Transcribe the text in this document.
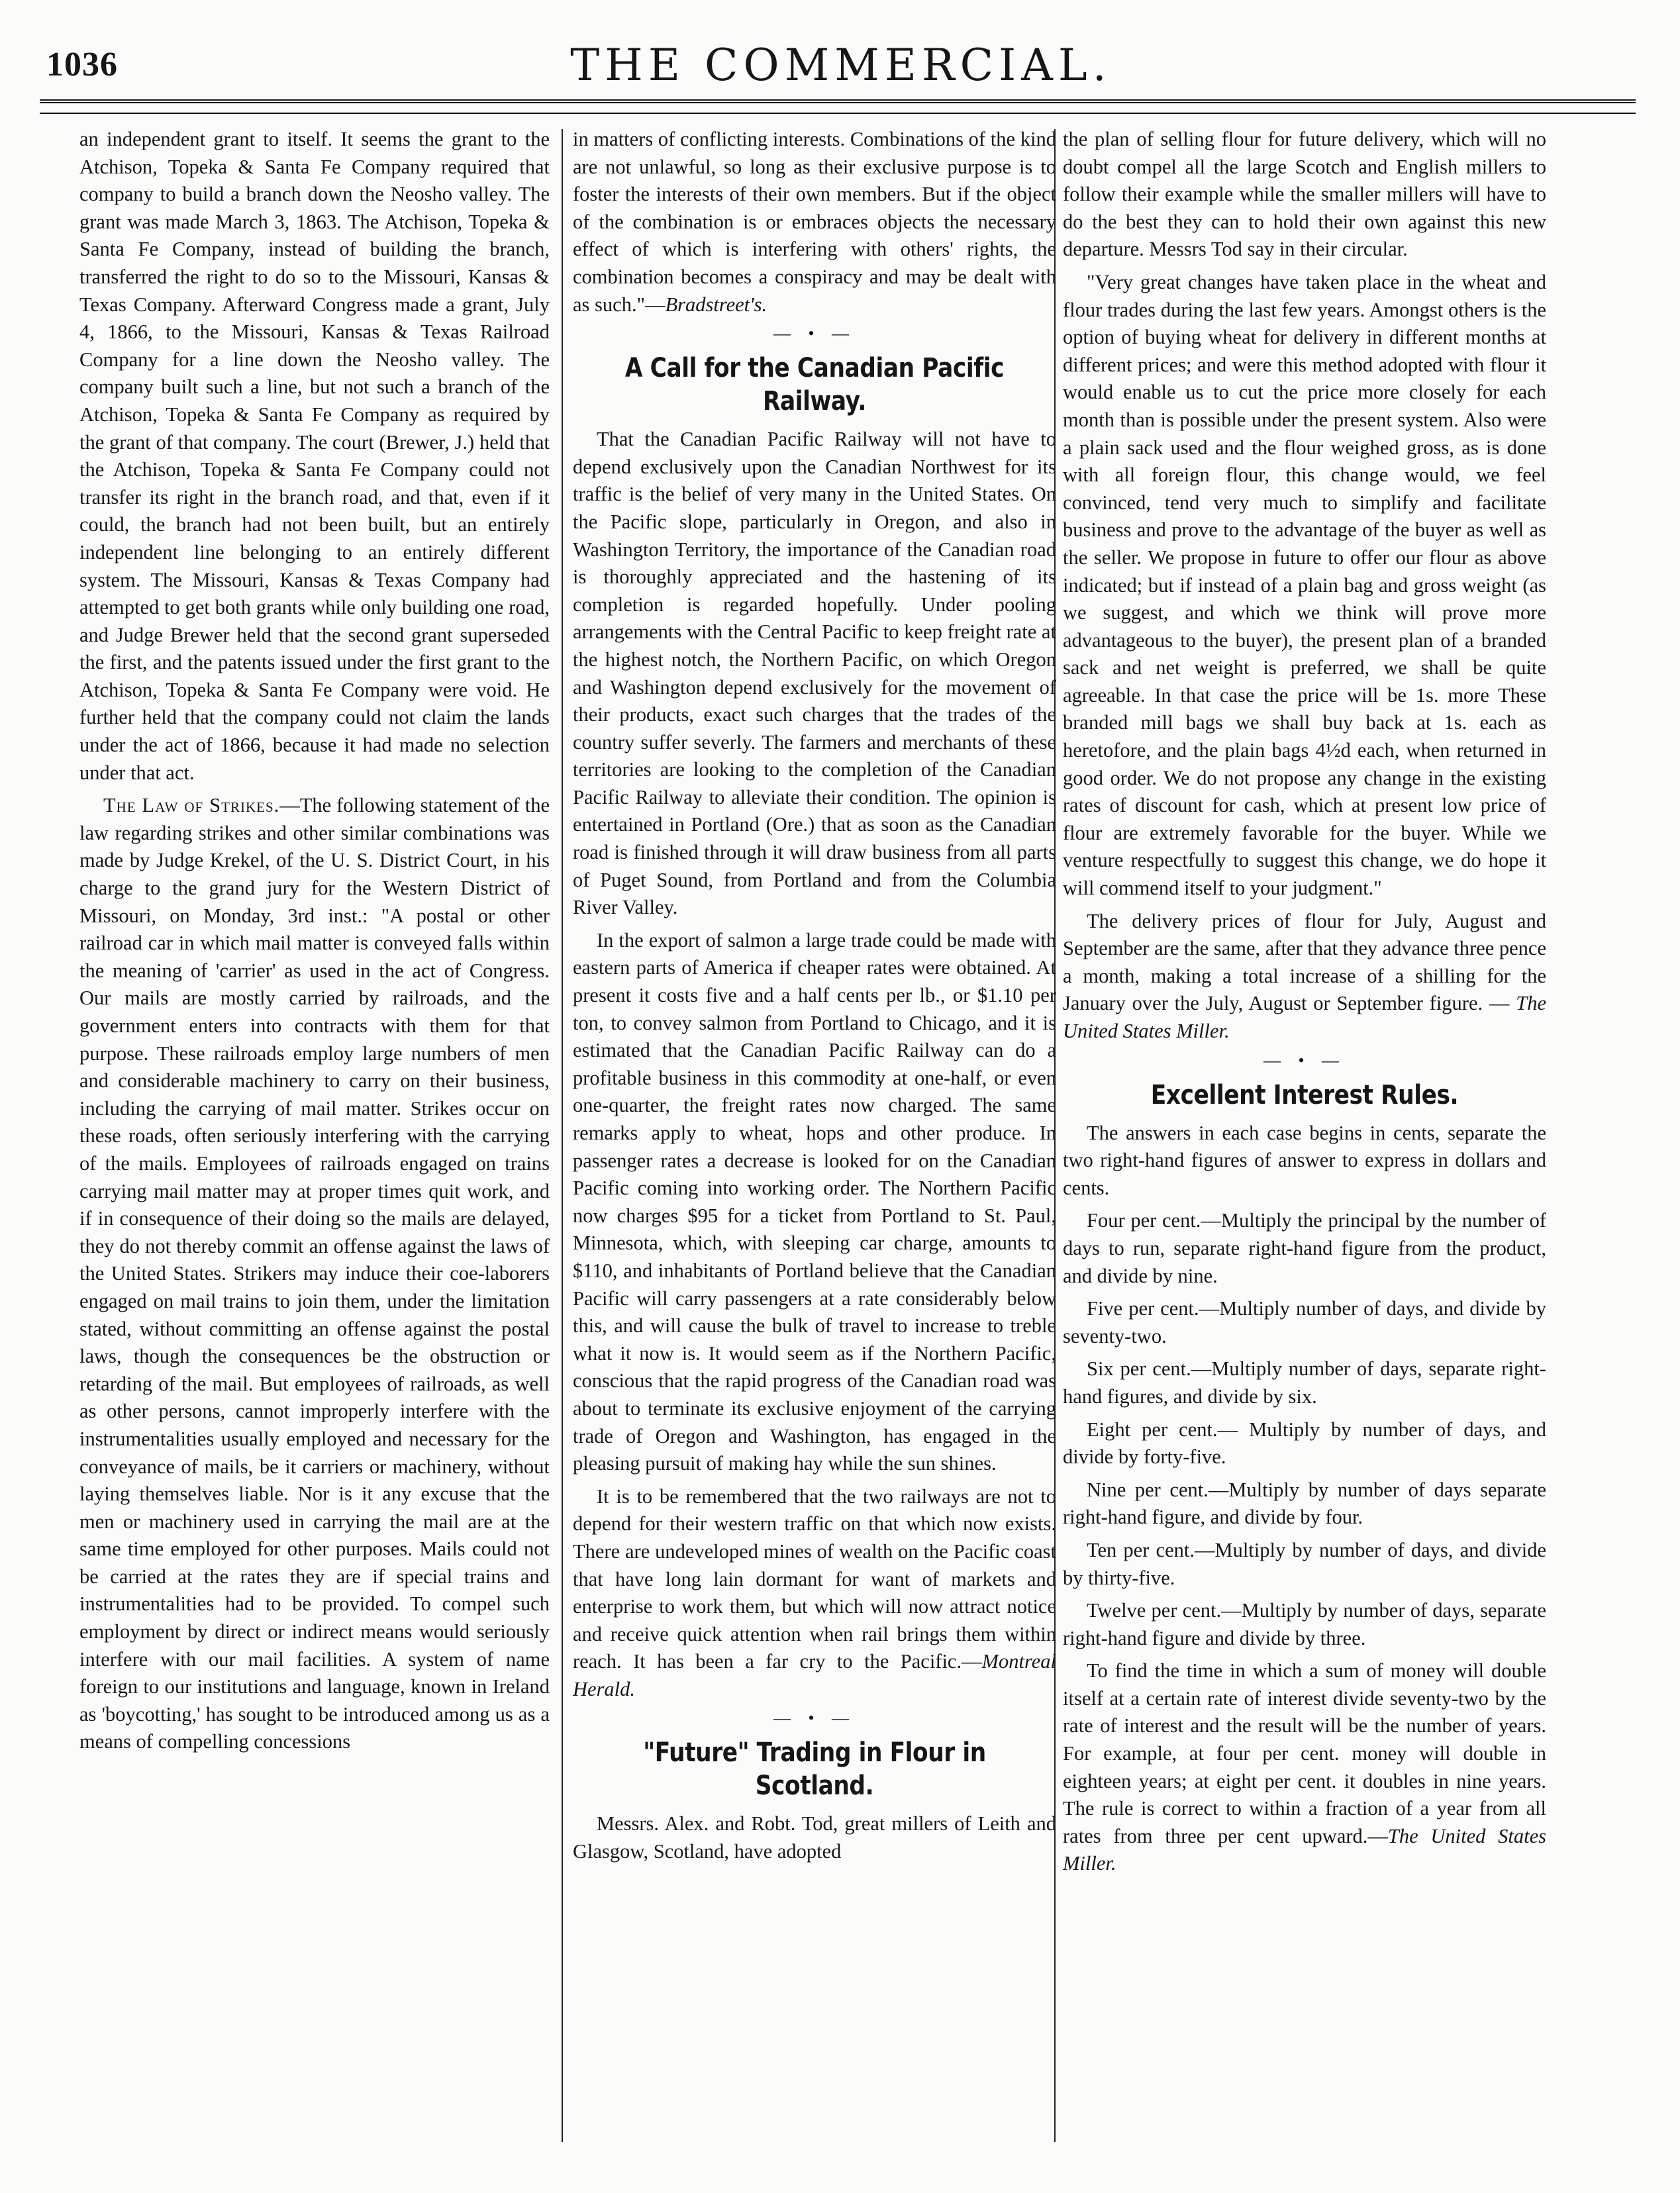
1036	THE COMMERCIAL.

an independent grant to itself. It seems the grant to the Atchison, Topeka & Santa Fe Company required that company to build a branch down the Neosho valley. The grant was made March 3, 1863. The Atchison, Topeka & Santa Fe Company, instead of building the branch, transferred the right to do so to the Missouri, Kansas & Texas Company. Afterward Congress made a grant, July 4, 1866, to the Missouri, Kansas & Texas Railroad Company for a line down the Neosho valley. The company built such a line, but not such a branch of the Atchison, Topeka & Santa Fe Company as required by the grant of that company. The court (Brewer, J.) held that the Atchison, Topeka & Santa Fe Company could not transfer its right in the branch road, and that, even if it could, the branch had not been built, but an entirely independent line belonging to an entirely different system. The Missouri, Kansas & Texas Company had attempted to get both grants while only building one road, and Judge Brewer held that the second grant superseded the first, and the patents issued under the first grant to the Atchison, Topeka & Santa Fe Company were void. He further held that the company could not claim the lands under the act of 1866, because it had made no selection under that act.

The Law of Strikes.—The following statement of the law regarding strikes and other similar combinations was made by Judge Krekel, of the U. S. District Court, in his charge to the grand jury for the Western District of Missouri, on Monday, 3rd inst.: "A postal or other railroad car in which mail matter is conveyed falls within the meaning of 'carrier' as used in the act of Congress. Our mails are mostly carried by railroads, and the government enters into contracts with them for that purpose. These railroads employ large numbers of men and considerable machinery to carry on their business, including the carrying of mail matter. Strikes occur on these roads, often seriously interfering with the carrying of the mails. Employees of railroads engaged on trains carrying mail matter may at proper times quit work, and if in consequence of their doing so the mails are delayed, they do not thereby commit an offense against the laws of the United States. Strikers may induce their coe-laborers engaged on mail trains to join them, under the limitation stated, without committing an offense against the postal laws, though the consequences be the obstruction or retarding of the mail. But employees of railroads, as well as other persons, cannot improperly interfere with the instrumentalities usually employed and necessary for the conveyance of mails, be it carriers or machinery, without laying themselves liable. Nor is it any excuse that the men or machinery used in carrying the mail are at the same time employed for other purposes. Mails could not be carried at the rates they are if special trains and instrumentalities had to be provided. To compel such employment by direct or indirect means would seriously interfere with our mail facilities. A system of name foreign to our institutions and language, known in Ireland as 'boycotting,' has sought to be introduced among us as a means of compelling concessions

in matters of conflicting interests. Combinations of the kind are not unlawful, so long as their exclusive purpose is to foster the interests of their own members. But if the object of the combination is or embraces objects the necessary effect of which is interfering with others' rights, the combination becomes a conspiracy and may be dealt with as such."—Bradstreet's.

— • —
A Call for the Canadian Pacific Railway.

That the Canadian Pacific Railway will not have to depend exclusively upon the Canadian Northwest for its traffic is the belief of very many in the United States. On the Pacific slope, particularly in Oregon, and also in Washington Territory, the importance of the Canadian road is thoroughly appreciated and the hastening of its completion is regarded hopefully. Under pooling arrangements with the Central Pacific to keep freight rate at the highest notch, the Northern Pacific, on which Oregon and Washington depend exclusively for the movement of their products, exact such charges that the trades of the country suffer severly. The farmers and merchants of these territories are looking to the completion of the Canadian Pacific Railway to alleviate their condition. The opinion is entertained in Portland (Ore.) that as soon as the Canadian road is finished through it will draw business from all parts of Puget Sound, from Portland and from the Columbia River Valley.

In the export of salmon a large trade could be made with eastern parts of America if cheaper rates were obtained. At present it costs five and a half cents per lb., or $1.10 per ton, to convey salmon from Portland to Chicago, and it is estimated that the Canadian Pacific Railway can do a profitable business in this commodity at one-half, or even one-quarter, the freight rates now charged. The same remarks apply to wheat, hops and other produce. In passenger rates a decrease is looked for on the Canadian Pacific coming into working order. The Northern Pacific now charges $95 for a ticket from Portland to St. Paul, Minnesota, which, with sleeping car charge, amounts to $110, and inhabitants of Portland believe that the Canadian Pacific will carry passengers at a rate considerably below this, and will cause the bulk of travel to increase to treble what it now is. It would seem as if the Northern Pacific, conscious that the rapid progress of the Canadian road was about to terminate its exclusive enjoyment of the carrying trade of Oregon and Washington, has engaged in the pleasing pursuit of making hay while the sun shines.

It is to be remembered that the two railways are not to depend for their western traffic on that which now exists. There are undeveloped mines of wealth on the Pacific coast that have long lain dormant for want of markets and enterprise to work them, but which will now attract notice and receive quick attention when rail brings them within reach. It has been a far cry to the Pacific.—Montreal Herald.

— • —
"Future" Trading in Flour in Scotland.

Messrs. Alex. and Robt. Tod, great millers of Leith and Glasgow, Scotland, have adopted

the plan of selling flour for future delivery, which will no doubt compel all the large Scotch and English millers to follow their example while the smaller millers will have to do the best they can to hold their own against this new departure. Messrs Tod say in their circular.

"Very great changes have taken place in the wheat and flour trades during the last few years. Amongst others is the option of buying wheat for delivery in different months at different prices; and were this method adopted with flour it would enable us to cut the price more closely for each month than is possible under the present system. Also were a plain sack used and the flour weighed gross, as is done with all foreign flour, this change would, we feel convinced, tend very much to simplify and facilitate business and prove to the advantage of the buyer as well as the seller. We propose in future to offer our flour as above indicated; but if instead of a plain bag and gross weight (as we suggest, and which we think will prove more advantageous to the buyer), the present plan of a branded sack and net weight is preferred, we shall be quite agreeable. In that case the price will be 1s. more These branded mill bags we shall buy back at 1s. each as heretofore, and the plain bags 4½d each, when returned in good order. We do not propose any change in the existing rates of discount for cash, which at present low price of flour are extremely favorable for the buyer. While we venture respectfully to suggest this change, we do hope it will commend itself to your judgment."

The delivery prices of flour for July, August and September are the same, after that they advance three pence a month, making a total increase of a shilling for the January over the July, August or September figure. — The United States Miller.

— • —
Excellent Interest Rules.

The answers in each case begins in cents, separate the two right-hand figures of answer to express in dollars and cents.

Four per cent.—Multiply the principal by the number of days to run, separate right-hand figure from the product, and divide by nine.

Five per cent.—Multiply number of days, and divide by seventy-two.

Six per cent.—Multiply number of days, separate right-hand figures, and divide by six.

Eight per cent.— Multiply by number of days, and divide by forty-five.

Nine per cent.—Multiply by number of days separate right-hand figure, and divide by four.

Ten per cent.—Multiply by number of days, and divide by thirty-five.

Twelve per cent.—Multiply by number of days, separate right-hand figure and divide by three.

To find the time in which a sum of money will double itself at a certain rate of interest divide seventy-two by the rate of interest and the result will be the number of years. For example, at four per cent. money will double in eighteen years; at eight per cent. it doubles in nine years. The rule is correct to within a fraction of a year from all rates from three per cent upward.—The United States Miller.
